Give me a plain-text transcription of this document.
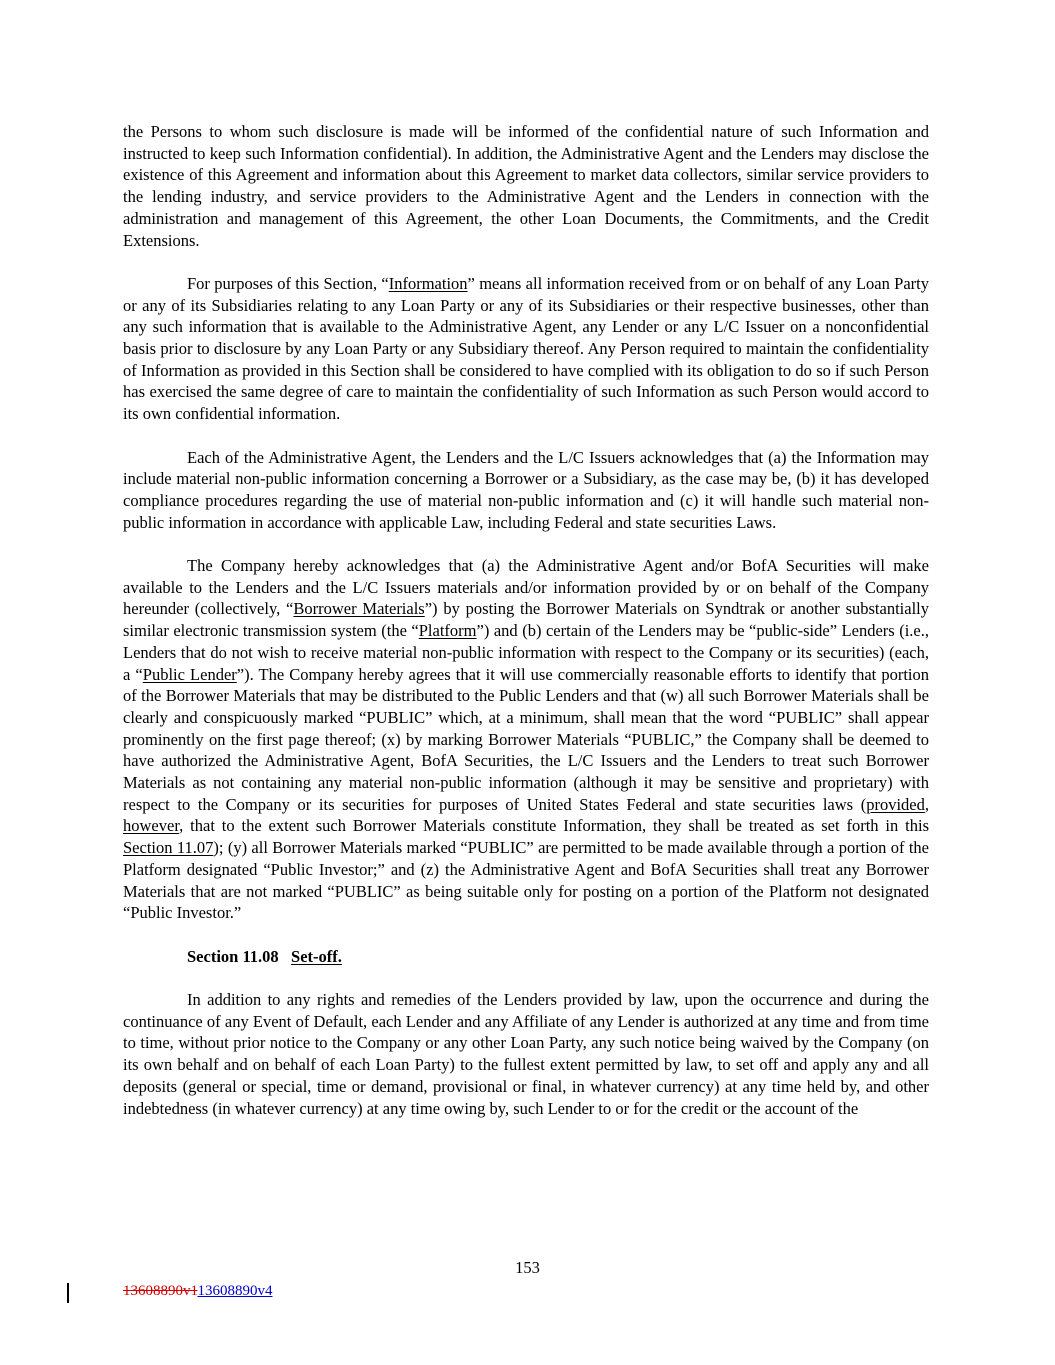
the Persons to whom such disclosure is made will be informed of the confidential nature of such Information and instructed to keep such Information confidential). In addition, the Administrative Agent and the Lenders may disclose the existence of this Agreement and information about this Agreement to market data collectors, similar service providers to the lending industry, and service providers to the Administrative Agent and the Lenders in connection with the administration and management of this Agreement, the other Loan Documents, the Commitments, and the Credit Extensions.

For purposes of this Section, “Information” means all information received from or on behalf of any Loan Party or any of its Subsidiaries relating to any Loan Party or any of its Subsidiaries or their respective businesses, other than any such information that is available to the Administrative Agent, any Lender or any L/C Issuer on a nonconfidential basis prior to disclosure by any Loan Party or any Subsidiary thereof. Any Person required to maintain the confidentiality of Information as provided in this Section shall be considered to have complied with its obligation to do so if such Person has exercised the same degree of care to maintain the confidentiality of such Information as such Person would accord to its own confidential information.

Each of the Administrative Agent, the Lenders and the L/C Issuers acknowledges that (a) the Information may include material non-public information concerning a Borrower or a Subsidiary, as the case may be, (b) it has developed compliance procedures regarding the use of material non-public information and (c) it will handle such material non-public information in accordance with applicable Law, including Federal and state securities Laws.

The Company hereby acknowledges that (a) the Administrative Agent and/or BofA Securities will make available to the Lenders and the L/C Issuers materials and/or information provided by or on behalf of the Company hereunder (collectively, “Borrower Materials”) by posting the Borrower Materials on Syndtrak or another substantially similar electronic transmission system (the “Platform”) and (b) certain of the Lenders may be “public-side” Lenders (i.e., Lenders that do not wish to receive material non-public information with respect to the Company or its securities) (each, a “Public Lender”). The Company hereby agrees that it will use commercially reasonable efforts to identify that portion of the Borrower Materials that may be distributed to the Public Lenders and that (w) all such Borrower Materials shall be clearly and conspicuously marked “PUBLIC” which, at a minimum, shall mean that the word “PUBLIC” shall appear prominently on the first page thereof; (x) by marking Borrower Materials “PUBLIC,” the Company shall be deemed to have authorized the Administrative Agent, BofA Securities, the L/C Issuers and the Lenders to treat such Borrower Materials as not containing any material non-public information (although it may be sensitive and proprietary) with respect to the Company or its securities for purposes of United States Federal and state securities laws (provided, however, that to the extent such Borrower Materials constitute Information, they shall be treated as set forth in this Section 11.07); (y) all Borrower Materials marked “PUBLIC” are permitted to be made available through a portion of the Platform designated “Public Investor;” and (z) the Administrative Agent and BofA Securities shall treat any Borrower Materials that are not marked “PUBLIC” as being suitable only for posting on a portion of the Platform not designated “Public Investor.”

Section 11.08 Set-off.

In addition to any rights and remedies of the Lenders provided by law, upon the occurrence and during the continuance of any Event of Default, each Lender and any Affiliate of any Lender is authorized at any time and from time to time, without prior notice to the Company or any other Loan Party, any such notice being waived by the Company (on its own behalf and on behalf of each Loan Party) to the fullest extent permitted by law, to set off and apply any and all deposits (general or special, time or demand, provisional or final, in whatever currency) at any time held by, and other indebtedness (in whatever currency) at any time owing by, such Lender to or for the credit or the account of the

153
13608890v113608890v4
